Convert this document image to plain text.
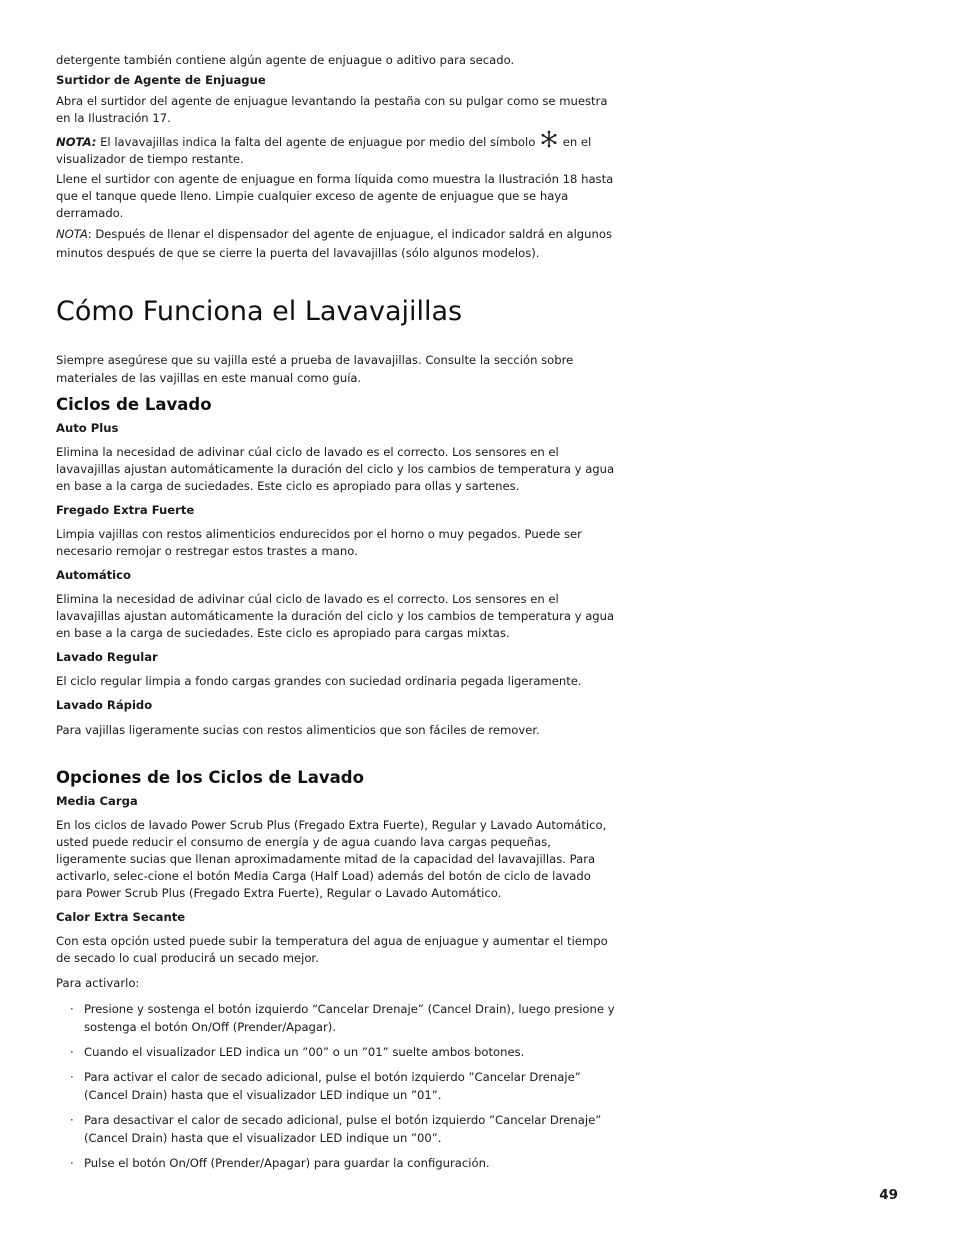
detergente también contiene algún agente de enjuague o aditivo para secado.

Surtidor de Agente de Enjuague

Abra el surtidor del agente de enjuague levantando la pestaña con su pulgar como se muestra en la Ilustración 17.

NOTA: El lavavajillas indica la falta del agente de enjuague por medio del símbolo  en el visualizador de tiempo restante.

Llene el surtidor con agente de enjuague en forma líquida como muestra la Ilustración 18 hasta que el tanque quede lleno. Limpie cualquier exceso de agente de enjuague que se haya derramado.

NOTA: Después de llenar el dispensador del agente de enjuague, el indicador saldrá en algunos minutos después de que se cierre la puerta del lavavajillas (sólo algunos modelos).

Cómo Funciona el Lavavajillas

Siempre asegúrese que su vajilla esté a prueba de lavavajillas. Consulte la sección sobre materiales de las vajillas en este manual como guía.

Ciclos de Lavado
Auto Plus

Elimina la necesidad de adivinar cúal ciclo de lavado es el correcto. Los sensores en el lavavajillas ajustan automáticamente la duración del ciclo y los cambios de temperatura y agua en base a la carga de suciedades. Este ciclo es apropiado para ollas y sartenes.

Fregado Extra Fuerte

Limpia vajillas con restos alimenticios endurecidos por el horno o muy pegados. Puede ser necesario remojar o restregar estos trastes a mano.

Automático

Elimina la necesidad de adivinar cúal ciclo de lavado es el correcto. Los sensores en el lavavajillas ajustan automáticamente la duración del ciclo y los cambios de temperatura y agua en base a la carga de suciedades. Este ciclo es apropiado para cargas mixtas.

Lavado Regular

El ciclo regular limpia a fondo cargas grandes con suciedad ordinaria pegada ligeramente.

Lavado Rápido

Para vajillas ligeramente sucias con restos alimenticios que son fáciles de remover.

Opciones de los Ciclos de Lavado
Media Carga

En los ciclos de lavado Power Scrub Plus (Fregado Extra Fuerte), Regular y Lavado Automático, usted puede reducir el consumo de energía y de agua cuando lava cargas pequeñas, ligeramente sucias que llenan aproximadamente mitad de la capacidad del lavavajillas. Para activarlo, selec-cione el botón Media Carga (Half Load) además del botón de ciclo de lavado para Power Scrub Plus (Fregado Extra Fuerte), Regular o Lavado Automático.

Calor Extra Secante

Con esta opción usted puede subir la temperatura del agua de enjuague y aumentar el tiempo de secado lo cual producirá un secado mejor.

Para activarlo:

· Presione y sostenga el botón izquierdo “Cancelar Drenaje” (Cancel Drain), luego presione y sostenga el botón On/Off (Prender/Apagar).
· Cuando el visualizador LED indica un ”00” o un ”01” suelte ambos botones.
· Para activar el calor de secado adicional, pulse el botón izquierdo ”Cancelar Drenaje” (Cancel Drain) hasta que el visualizador LED indique un ”01”.
· Para desactivar el calor de secado adicional, pulse el botón izquierdo ”Cancelar Drenaje” (Cancel Drain) hasta que el visualizador LED indique un ”00”.
· Pulse el botón On/Off (Prender/Apagar) para guardar la configuración.
49
